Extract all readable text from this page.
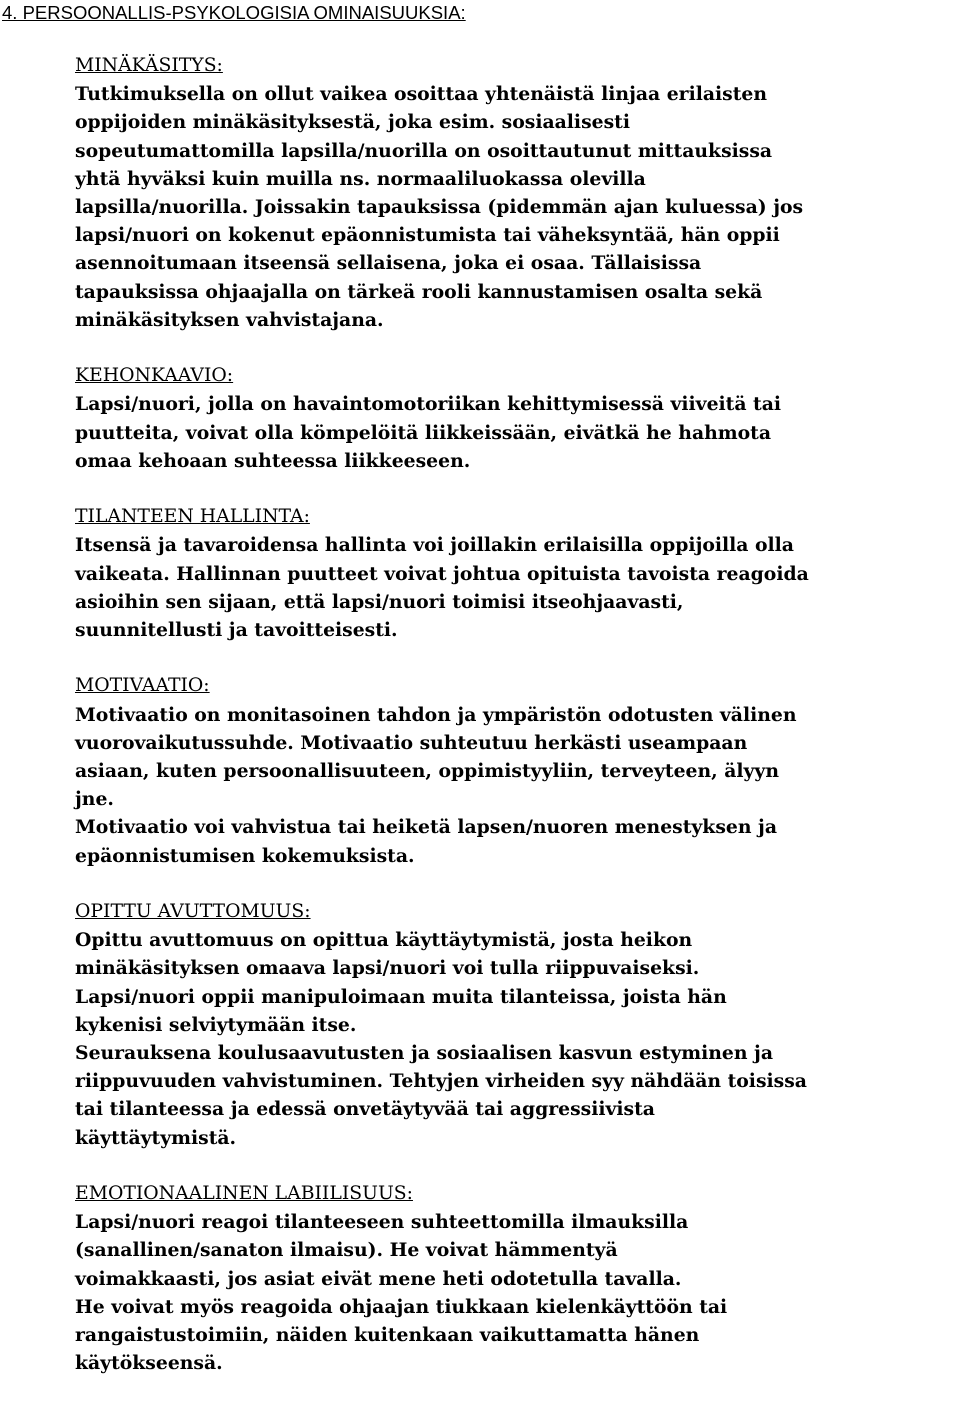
4. PERSOONALLIS-PSYKOLOGISIA OMINAISUUKSIA:
MINÄKÄSITYS:

Tutkimuksella on ollut vaikea osoittaa yhtenäistä linjaa erilaisten
oppijoiden minäkäsityksestä, joka esim. sosiaalisesti
sopeutumattomilla lapsilla/nuorilla on osoittautunut mittauksissa
yhtä hyväksi kuin muilla ns. normaaliluokassa olevilla
lapsilla/nuorilla. Joissakin tapauksissa (pidemmän ajan kuluessa) jos
lapsi/nuori on kokenut epäonnistumista tai väheksyntää, hän oppii
asennoitumaan itseensä sellaisena, joka ei osaa. Tällaisissa
tapauksissa ohjaajalla on tärkeä rooli kannustamisen osalta sekä
minäkäsityksen vahvistajana.

KEHONKAAVIO:

Lapsi/nuori, jolla on havaintomotoriikan kehittymisessä viiveitä tai
puutteita, voivat olla kömpelöitä liikkeissään, eivätkä he hahmota
omaa kehoaan suhteessa liikkeeseen.

TILANTEEN HALLINTA:

Itsensä ja tavaroidensa hallinta voi joillakin erilaisilla oppijoilla olla
vaikeata. Hallinnan puutteet voivat johtua opituista tavoista reagoida
asioihin sen sijaan, että lapsi/nuori toimisi itseohjaavasti,
suunnitellusti ja tavoitteisesti.

MOTIVAATIO:

Motivaatio on monitasoinen tahdon ja ympäristön odotusten välinen
vuorovaikutussuhde. Motivaatio suhteutuu herkästi useampaan
asiaan, kuten persoonallisuuteen, oppimistyyliin, terveyteen, älyyn
jne.

Motivaatio voi vahvistua tai heiketä lapsen/nuoren menestyksen ja
epäonnistumisen kokemuksista.

OPITTU AVUTTOMUUS:

Opittu avuttomuus on opittua käyttäytymistä, josta heikon
minäkäsityksen omaava lapsi/nuori voi tulla riippuvaiseksi.

Lapsi/nuori oppii manipuloimaan muita tilanteissa, joista hän
kykenisi selviytymään itse.

Seurauksena koulusaavutusten ja sosiaalisen kasvun estyminen ja
riippuvuuden vahvistuminen. Tehtyjen virheiden syy nähdään toisissa
tai tilanteessa ja edessä onvetäytyvää tai aggressiivista
käyttäytymistä.

EMOTIONAALINEN LABIILISUUS:

Lapsi/nuori reagoi tilanteeseen suhteettomilla ilmauksilla
(sanallinen/sanaton ilmaisu). He voivat hämmentyä
voimakkaasti, jos asiat eivät mene heti odotetulla tavalla.

He voivat myös reagoida ohjaajan tiukkaan kielenkäyttöön tai
rangaistustoimiin, näiden kuitenkaan vaikuttamatta hänen
käytökseensä.
